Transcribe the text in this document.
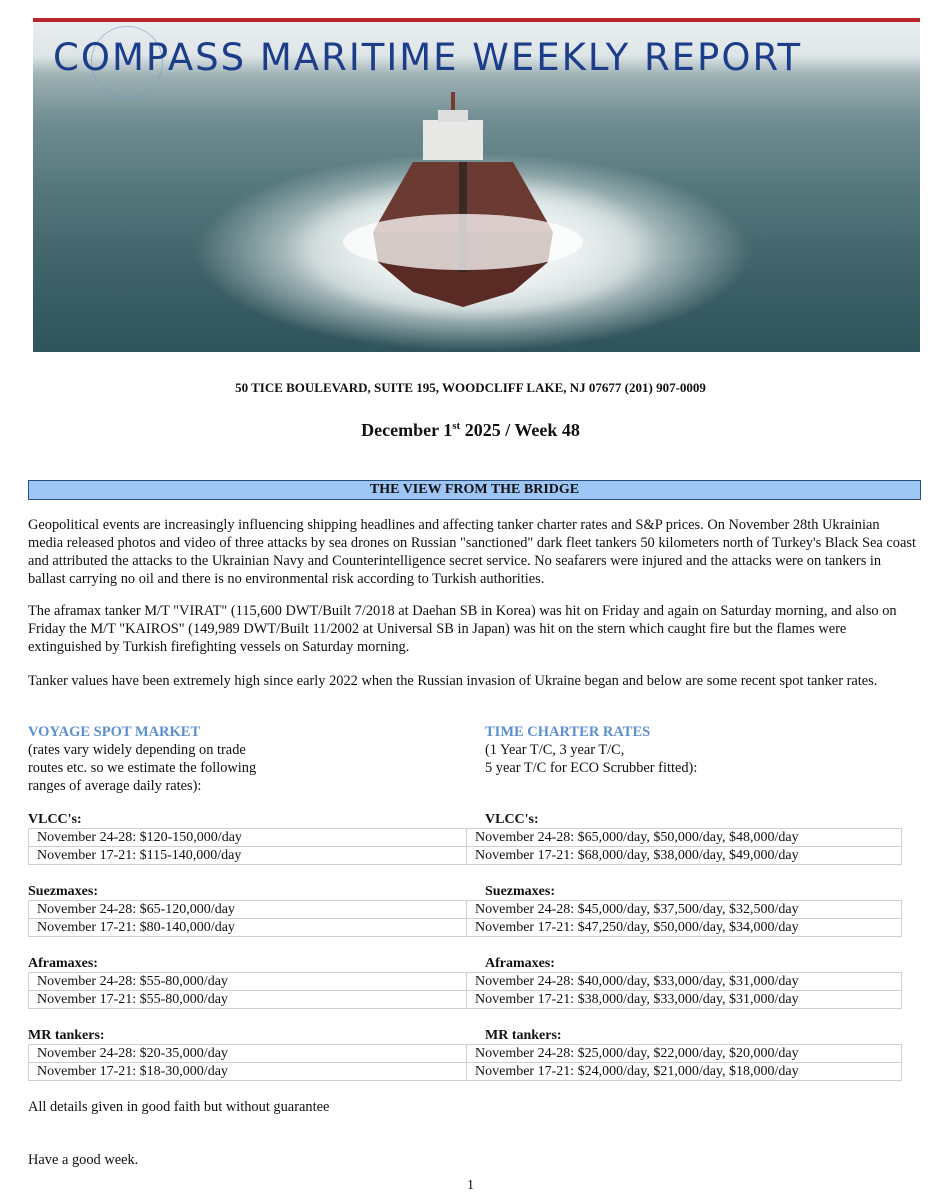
COMPASS MARITIME WEEKLY REPORT
50 TICE BOULEVARD, SUITE 195, WOODCLIFF LAKE, NJ 07677 (201) 907-0009
December 1st 2025 / Week 48
THE VIEW FROM THE BRIDGE
Geopolitical events are increasingly influencing shipping headlines and affecting tanker charter rates and S&P prices. On November 28th Ukrainian media released photos and video of three attacks by sea drones on Russian "sanctioned" dark fleet tankers 50 kilometers north of Turkey's Black Sea coast and attributed the attacks to the Ukrainian Navy and Counterintelligence secret service. No seafarers were injured and the attacks were on tankers in ballast carrying no oil and there is no environmental risk according to Turkish authorities.
The aframax tanker M/T "VIRAT" (115,600 DWT/Built 7/2018 at Daehan SB in Korea) was hit on Friday and again on Saturday morning, and also on Friday the M/T "KAIROS" (149,989 DWT/Built 11/2002 at Universal SB in Japan) was hit on the stern which caught fire but the flames were extinguished by Turkish firefighting vessels on Saturday morning.
Tanker values have been extremely high since early 2022 when the Russian invasion of Ukraine began and below are some recent spot tanker rates.
VOYAGE SPOT MARKET
(rates vary widely depending on trade
routes etc. so we estimate the following
ranges of average daily rates):
TIME CHARTER RATES
(1 Year T/C, 3 year T/C,
5 year T/C for ECO Scrubber fitted):
VLCC's:	VLCC's:
November 24-28: $120-150,000/day	November 24-28: $65,000/day, $50,000/day, $48,000/day
November 17-21: $115-140,000/day	November 17-21: $68,000/day, $38,000/day, $49,000/day
Suezmaxes:	Suezmaxes:
November 24-28: $65-120,000/day	November 24-28: $45,000/day, $37,500/day, $32,500/day
November 17-21: $80-140,000/day	November 17-21: $47,250/day, $50,000/day, $34,000/day
Aframaxes:	Aframaxes:
November 24-28: $55-80,000/day	November 24-28: $40,000/day, $33,000/day, $31,000/day
November 17-21: $55-80,000/day	November 17-21: $38,000/day, $33,000/day, $31,000/day
MR tankers:	MR tankers:
November 24-28: $20-35,000/day	November 24-28: $25,000/day, $22,000/day, $20,000/day
November 17-21: $18-30,000/day	November 17-21: $24,000/day, $21,000/day, $18,000/day
All details given in good faith but without guarantee
Have a good week.
1
